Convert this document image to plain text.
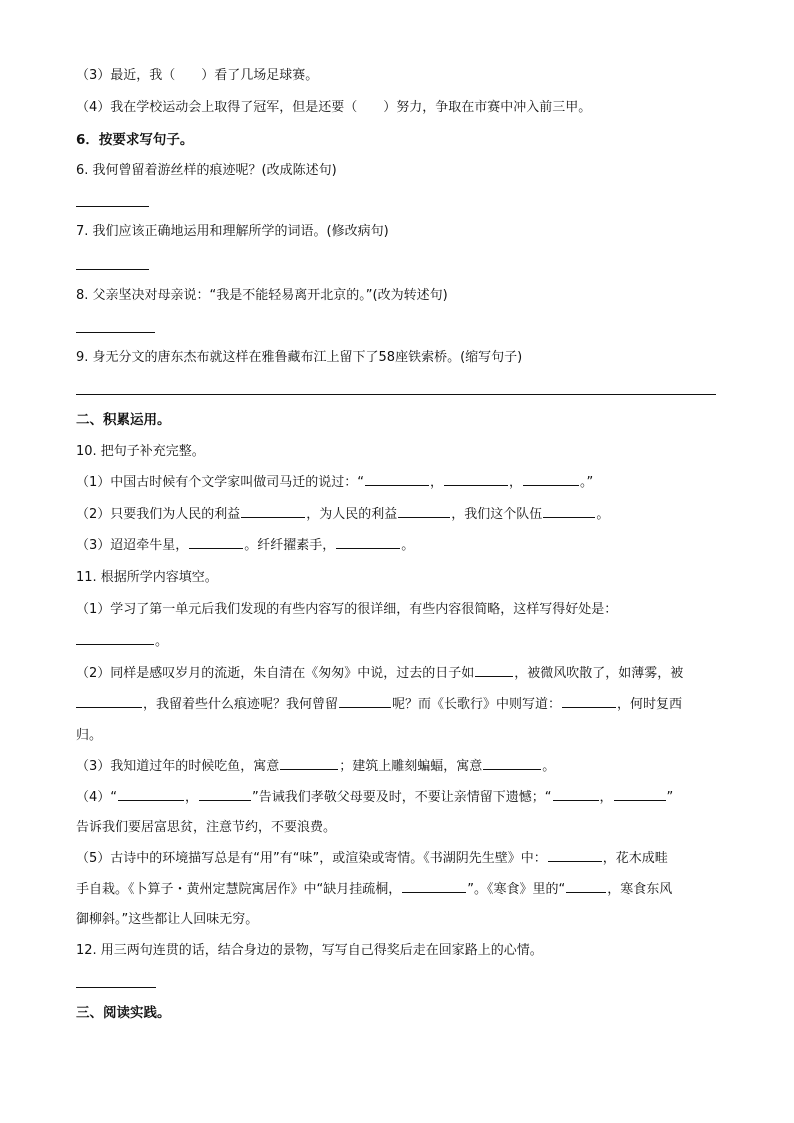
（3）最近，我（ ）看了几场足球赛。
（4）我在学校运动会上取得了冠军，但是还要（ ）努力，争取在市赛中冲入前三甲。
6．按要求写句子。
6. 我何曾留着游丝样的痕迹呢？(改成陈述句)
7. 我们应该正确地运用和理解所学的词语。(修改病句)
8. 父亲坚决对母亲说：“我是不能轻易离开北京的。”(改为转述句)
9. 身无分文的唐东杰布就这样在雅鲁藏布江上留下了58座铁索桥。(缩写句子)
二、积累运用。
10. 把句子补充完整。
（1）中国古时候有个文学家叫做司马迁的说过：“	，	，	。”
（2）只要我们为人民的利益	，为人民的利益	，我们这个队伍	。
（3）迢迢牵牛星，	。纤纤擢素手，	。
11. 根据所学内容填空。
（1）学习了第一单元后我们发现的有些内容写的很详细，有些内容很简略，这样写得好处是：
。
（2）同样是感叹岁月的流逝，朱自清在《匆匆》中说，过去的日子如	，被微风吹散了，如薄雾，被
，我留着些什么痕迹呢？我何曾留	呢？而《长歌行》中则写道：	，何时复西
归。
（3）我知道过年的时候吃鱼，寓意	；建筑上雕刻蝙蝠，寓意	。
（4）“	，	”告诫我们孝敬父母要及时，不要让亲情留下遗憾；“	，	”
告诉我们要居富思贫，注意节约，不要浪费。
（5）古诗中的环境描写总是有“用”有“味”，或渲染或寄情。《书湖阴先生壁》中：	，花木成畦
手自栽。《卜算子・黄州定慧院寓居作》中“缺月挂疏桐，	”。《寒食》里的“	，寒食东风
御柳斜。”这些都让人回味无穷。
12. 用三两句连贯的话，结合身边的景物，写写自己得奖后走在回家路上的心情。
三、阅读实践。
